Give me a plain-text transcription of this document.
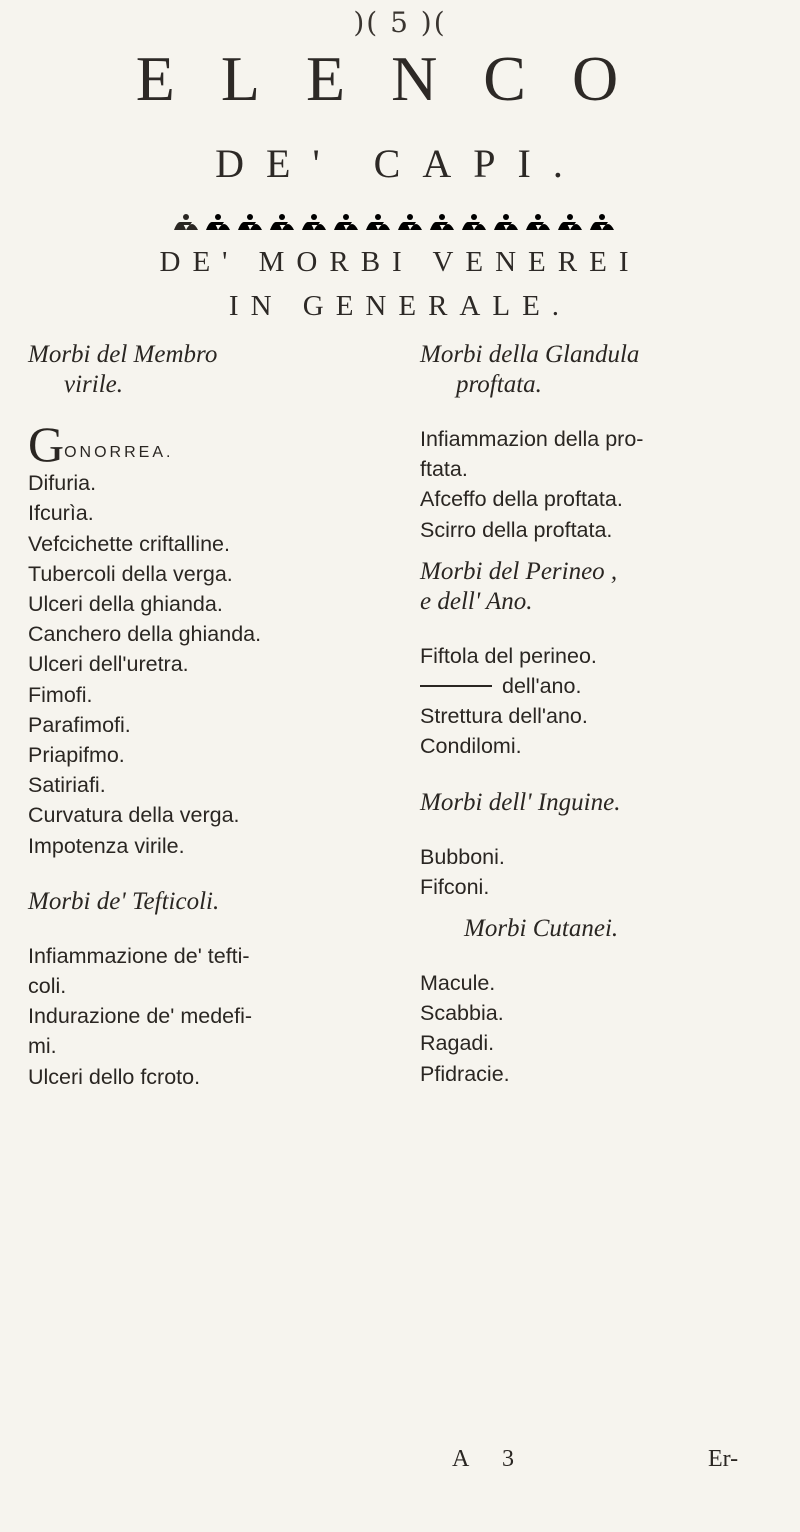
)( 5 )(
ELENCO
DE' CAPI.
DE' MORBI VENEREI
IN GENERALE.
Morbi del Membro
virile.
GONORREA.
Difuria.
Ifcurìa.
Vefcichette criftalline.
Tubercoli della verga.
Ulceri della ghianda.
Canchero della ghianda.
Ulceri dell'uretra.
Fimofi.
Parafimofi.
Priapifmo.
Satiriafi.
Curvatura della verga.
Impotenza virile.
Morbi de' Tefticoli.
Infiammazione de' tefti-
coli.
Indurazione de' medefi-
mi.
Ulceri dello fcroto.
Morbi della Glandula
proftata.
Infiammazion della pro-
ftata.
Afceffo della proftata.
Scirro della proftata.
Morbi del Perineo ,
e dell' Ano.
Fiftola del perineo.
dell'ano.
Strettura dell'ano.
Condilomi.
Morbi dell' Inguine.
Bubboni.
Fifconi.
Morbi Cutanei.
Macule.
Scabbia.
Ragadi.
Pfidracie.
A 3	Er-
